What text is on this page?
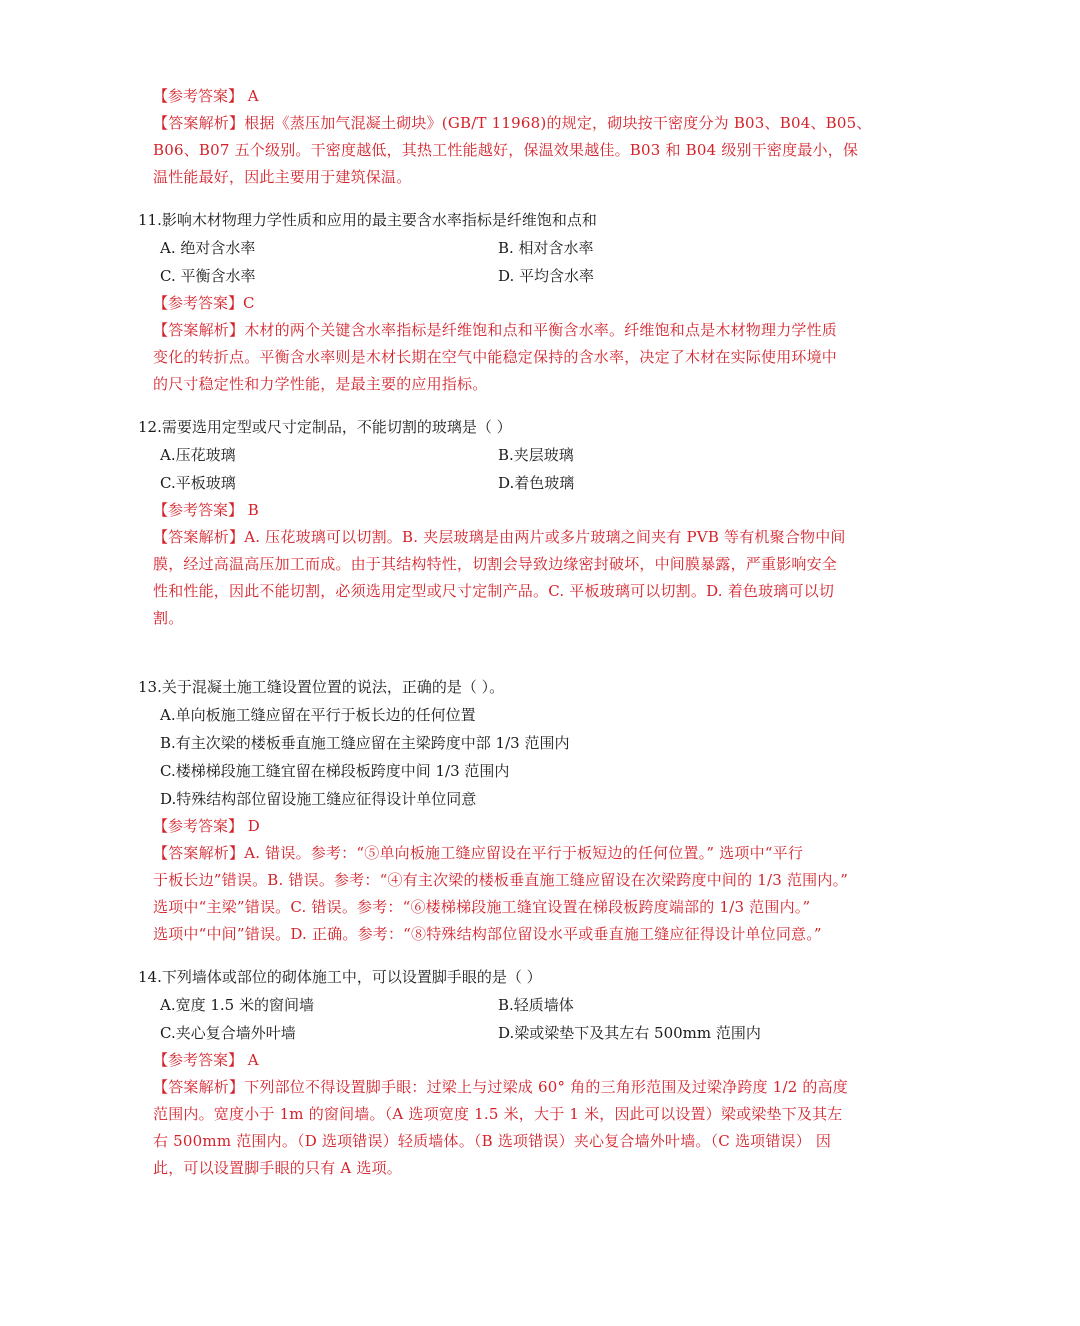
【参考答案】 A
【答案解析】根据《蒸压加气混凝土砌块》(GB/T 11968)的规定，砌块按干密度分为 B03、B04、B05、
B06、B07 五个级别。干密度越低，其热工性能越好，保温效果越佳。B03 和 B04 级别干密度最小，保
温性能最好，因此主要用于建筑保温。
11.影响木材物理力学性质和应用的最主要含水率指标是纤维饱和点和
A. 绝对含水率	B. 相对含水率
C. 平衡含水率	D. 平均含水率
【参考答案】C
【答案解析】木材的两个关键含水率指标是纤维饱和点和平衡含水率。纤维饱和点是木材物理力学性质
变化的转折点。平衡含水率则是木材长期在空气中能稳定保持的含水率，决定了木材在实际使用环境中
的尺寸稳定性和力学性能，是最主要的应用指标。
12.需要选用定型或尺寸定制品，不能切割的玻璃是（ ）
A.压花玻璃	B.夹层玻璃
C.平板玻璃	D.着色玻璃
【参考答案】 B
【答案解析】A. 压花玻璃可以切割。B. 夹层玻璃是由两片或多片玻璃之间夹有 PVB 等有机聚合物中间
膜，经过高温高压加工而成。由于其结构特性，切割会导致边缘密封破坏，中间膜暴露，严重影响安全
性和性能，因此不能切割，必须选用定型或尺寸定制产品。C. 平板玻璃可以切割。D. 着色玻璃可以切
割。
13.关于混凝土施工缝设置位置的说法，正确的是（ ）。
A.单向板施工缝应留在平行于板长边的任何位置
B.有主次梁的楼板垂直施工缝应留在主梁跨度中部 1/3 范围内
C.楼梯梯段施工缝宜留在梯段板跨度中间 1/3 范围内
D.特殊结构部位留设施工缝应征得设计单位同意
【参考答案】 D
【答案解析】A. 错误。参考：“⑤单向板施工缝应留设在平行于板短边的任何位置。” 选项中“平行
于板长边”错误。B. 错误。参考：“④有主次梁的楼板垂直施工缝应留设在次梁跨度中间的 1/3 范围内。”
选项中“主梁”错误。C. 错误。参考：“⑥楼梯梯段施工缝宜设置在梯段板跨度端部的 1/3 范围内。”
选项中“中间”错误。D. 正确。参考：“⑧特殊结构部位留设水平或垂直施工缝应征得设计单位同意。”
14.下列墙体或部位的砌体施工中，可以设置脚手眼的是（ ）
A.宽度 1.5 米的窗间墙	B.轻质墙体
C.夹心复合墙外叶墙	D.梁或梁垫下及其左右 500mm 范围内
【参考答案】 A
【答案解析】下列部位不得设置脚手眼：过梁上与过梁成 60° 角的三角形范围及过梁净跨度 1/2 的高度
范围内。宽度小于 1m 的窗间墙。（A 选项宽度 1.5 米，大于 1 米，因此可以设置）梁或梁垫下及其左
右 500mm 范围内。（D 选项错误）轻质墙体。（B 选项错误）夹心复合墙外叶墙。（C 选项错误） 因
此，可以设置脚手眼的只有 A 选项。
